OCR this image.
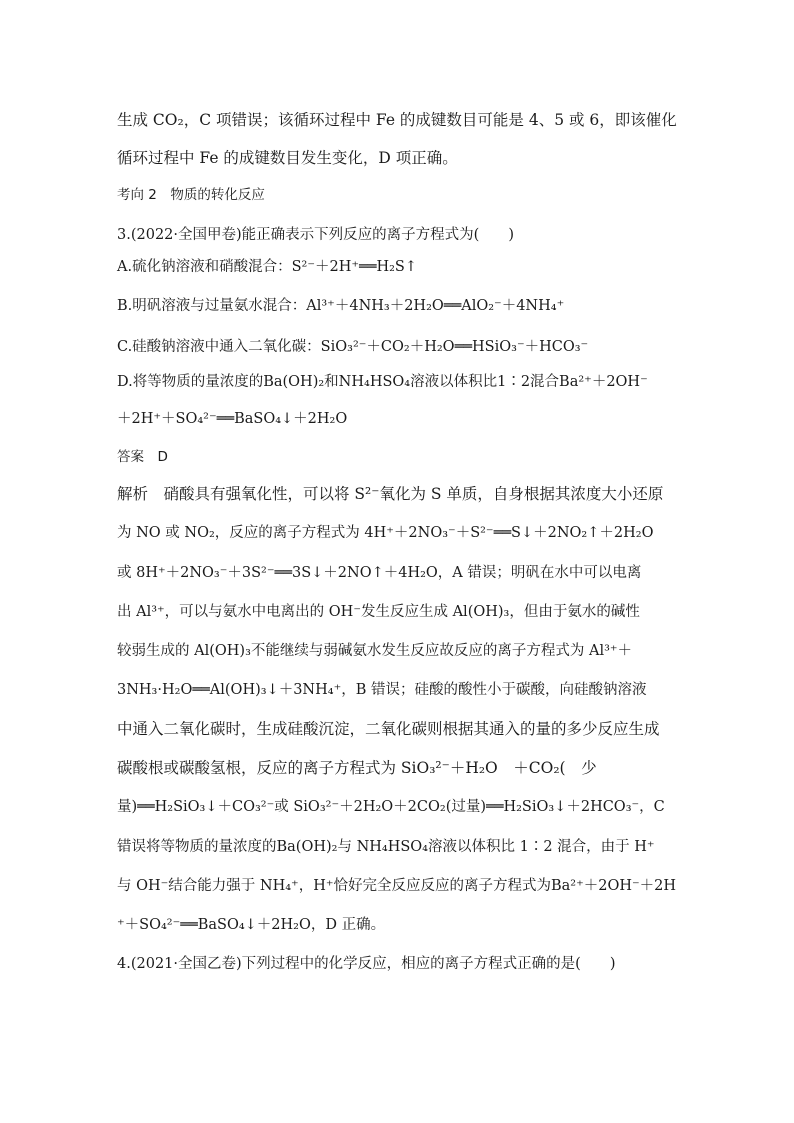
生成 CO₂，C 项错误；该循环过程中 Fe 的成键数目可能是 4、5 或 6，即该催化
循环过程中 Fe 的成键数目发生变化，D 项正确。
考向 2　物质的转化反应
3.(2022·全国甲卷)能正确表示下列反应的离子方程式为(　　)
A.硫化钠溶液和硝酸混合：S²⁻＋2H⁺══H₂S↑
B.明矾溶液与过量氨水混合：Al³⁺＋4NH₃＋2H₂O══AlO₂⁻＋4NH₄⁺
C.硅酸钠溶液中通入二氧化碳：SiO₃²⁻＋CO₂＋H₂O══HSiO₃⁻＋HCO₃⁻
D.将等物质的量浓度的Ba(OH)₂和NH₄HSO₄溶液以体积比1∶2混合Ba²⁺＋2OH⁻
＋2H⁺＋SO₄²⁻══BaSO₄↓＋2H₂O
答案　D
解析　硝酸具有强氧化性，可以将 S²⁻氧化为 S 单质，自身根据其浓度大小还原
为 NO 或 NO₂，反应的离子方程式为 4H⁺＋2NO₃⁻＋S²⁻══S↓＋2NO₂↑＋2H₂O
或 8H⁺＋2NO₃⁻＋3S²⁻══3S↓＋2NO↑＋4H₂O，A 错误；明矾在水中可以电离
出 Al³⁺，可以与氨水中电离出的 OH⁻发生反应生成 Al(OH)₃，但由于氨水的碱性
较弱生成的 Al(OH)₃不能继续与弱碱氨水发生反应故反应的离子方程式为 Al³⁺＋
3NH₃·H₂O══Al(OH)₃↓＋3NH₄⁺，B 错误；硅酸的酸性小于碳酸，向硅酸钠溶液
中通入二氧化碳时，生成硅酸沉淀，二氧化碳则根据其通入的量的多少反应生成
碳酸根或碳酸氢根，反应的离子方程式为 SiO₃²⁻＋H₂O　＋CO₂(　少
量)══H₂SiO₃↓＋CO₃²⁻或 SiO₃²⁻＋2H₂O＋2CO₂(过量)══H₂SiO₃↓＋2HCO₃⁻，C
错误将等物质的量浓度的Ba(OH)₂与 NH₄HSO₄溶液以体积比 1∶2 混合，由于 H⁺
与 OH⁻结合能力强于 NH₄⁺，H⁺恰好完全反应反应的离子方程式为Ba²⁺＋2OH⁻＋2H
⁺＋SO₄²⁻══BaSO₄↓＋2H₂O，D 正确。
4.(2021·全国乙卷)下列过程中的化学反应，相应的离子方程式正确的是(　　)
